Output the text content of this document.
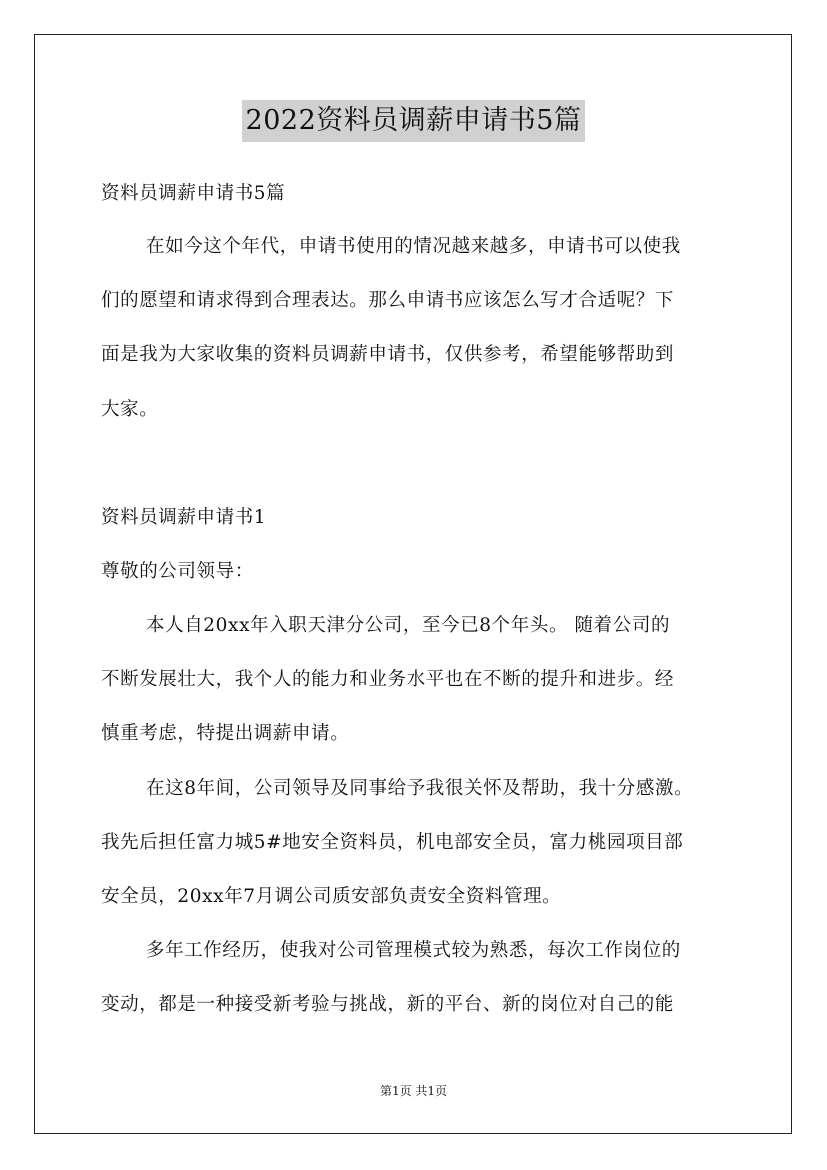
2022资料员调薪申请书5篇
资料员调薪申请书5篇
在如今这个年代，申请书使用的情况越来越多，申请书可以使我
们的愿望和请求得到合理表达。那么申请书应该怎么写才合适呢？下
面是我为大家收集的资料员调薪申请书，仅供参考，希望能够帮助到
大家。
资料员调薪申请书1
尊敬的公司领导：
本人自20xx年入职天津分公司，至今已8个年头。 随着公司的
不断发展壮大，我个人的能力和业务水平也在不断的提升和进步。经
慎重考虑，特提出调薪申请。
在这8年间，公司领导及同事给予我很关怀及帮助，我十分感激。
我先后担任富力城5#地安全资料员，机电部安全员，富力桃园项目部
安全员，20xx年7月调公司质安部负责安全资料管理。
多年工作经历，使我对公司管理模式较为熟悉，每次工作岗位的
变动，都是一种接受新考验与挑战，新的平台、新的岗位对自己的能
第1页 共1页
